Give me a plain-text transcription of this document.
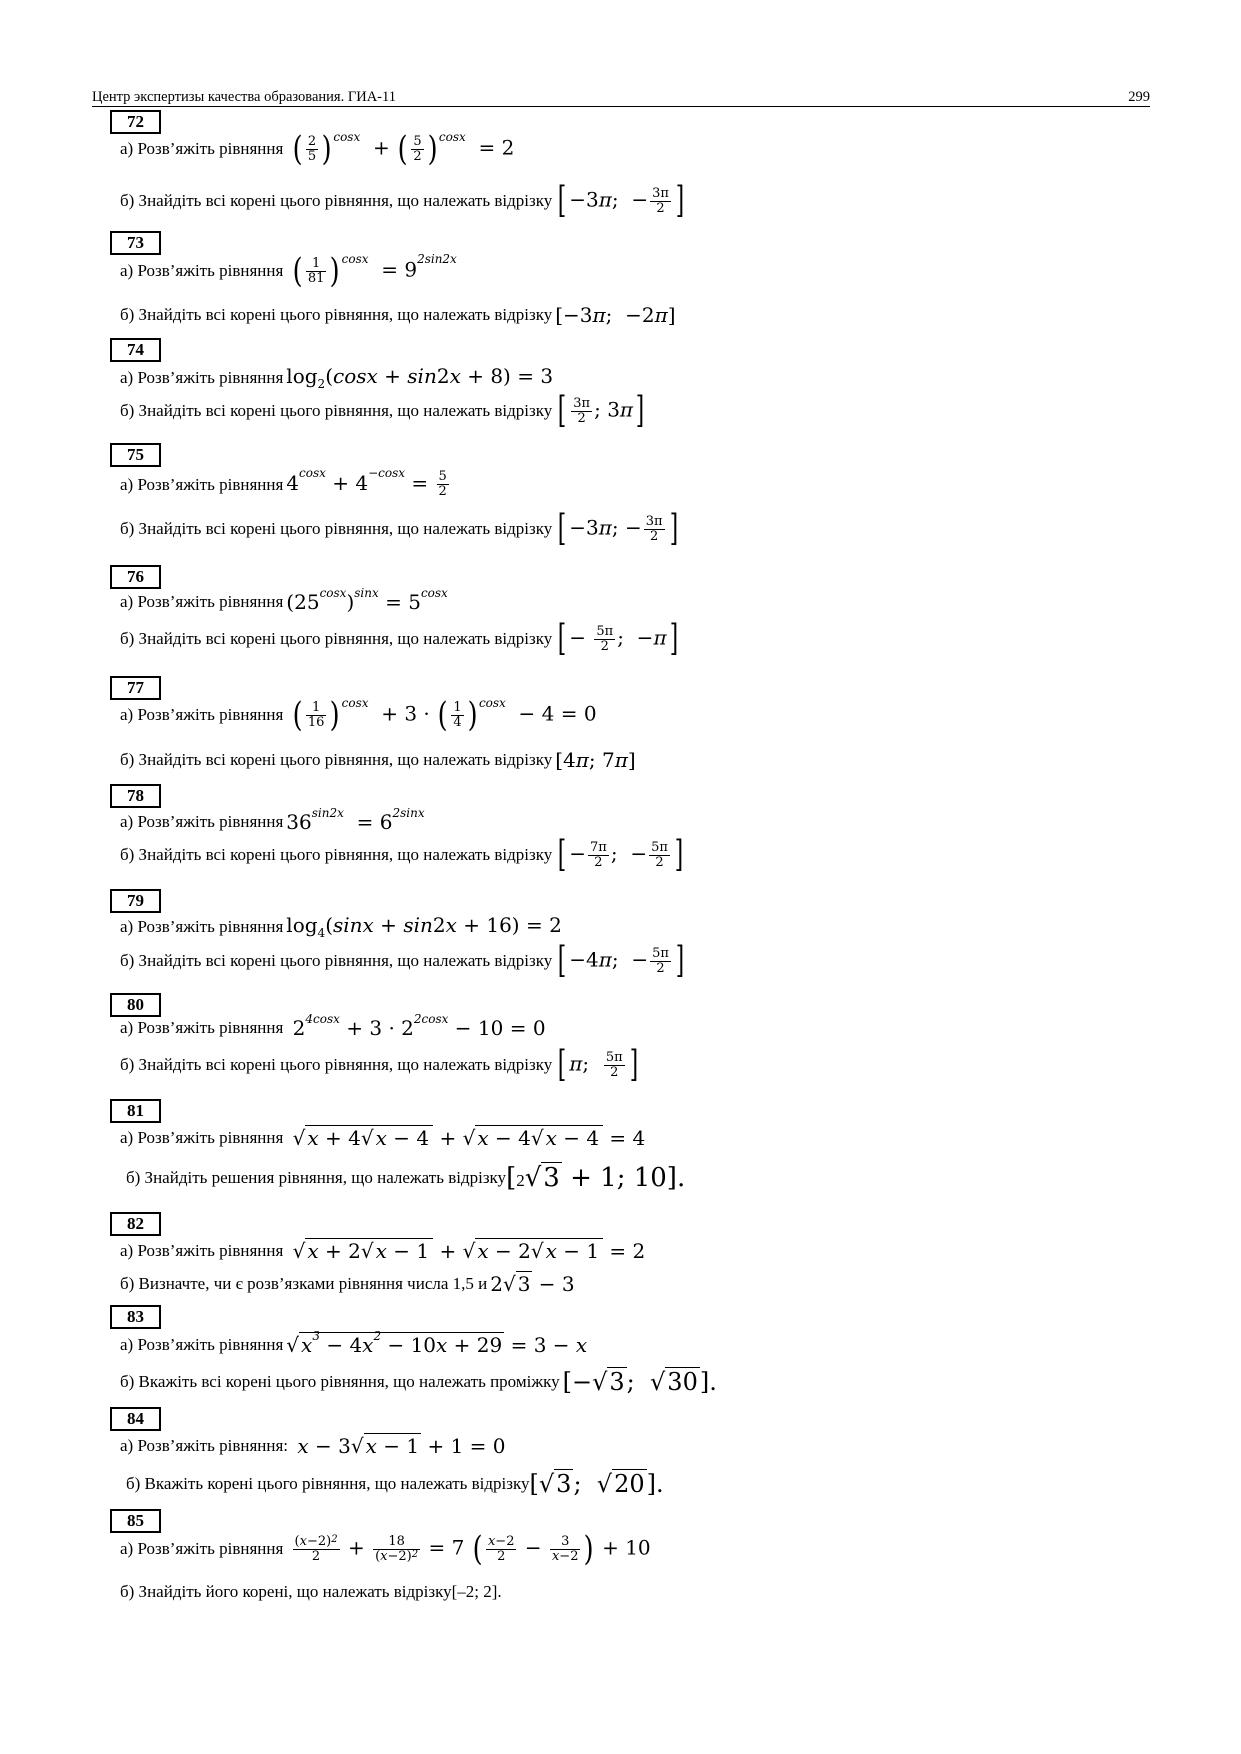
Центр экспертизы качества образования. ГИА-11	299
72
а) Розв’яжіть рівняння ( $\frac{2}{5}$ ) $^{cosx}$  + ( $\frac{5}{2}$ ) $^{cosx}$  = 2
б) Знайдіть всі корені цього рівняння, що належать відрізку [ −3π;  − $\frac{3\pi}{2}$ ]
73
а) Розв’яжіть рівняння ( $\frac{1}{81}$ ) $^{cosx} = 9^{2sin2x}$
б) Знайдіть всі корені цього рівняння, що належать відрізку [−3π;  −2π]
74
а) Розв’яжіть рівняння $\log_2(\cos x + \sin 2x + 8) = 3$
б) Знайдіть всі корені цього рівняння, що належать відрізку [ $\frac{3\pi}{2}$ ; 3π]
75
а) Розв’яжіть рівняння $4^{cosx} + 4^{-cosx} = \frac{5}{2}$
б) Знайдіть всі корені цього рівняння, що належать відрізку [ −3π; − $\frac{3\pi}{2}$ ]
76
а) Розв’яжіть рівняння $(25^{cosx})^{sinx} = 5^{cosx}$
б) Знайдіть всі корені цього рівняння, що належать відрізку [ − $\frac{5\pi}{2}$ ;  −π]
77
а) Розв’яжіть рівняння ( $\frac{1}{16}$ ) $^{cosx}$  + 3 · ( $\frac{1}{4}$ ) $^{cosx}$  − 4 = 0
б) Знайдіть всі корені цього рівняння, що належать відрізку [4π; 7π]
78
а) Розв’яжіть рівняння $36^{sin2x} = 6^{2sinx}$
б) Знайдіть всі корені цього рівняння, що належать відрізку [ − $\frac{7\pi}{2}$ ;  − $\frac{5\pi}{2}$ ]
79
а) Розв’яжіть рівняння $\log_4(\sin x + \sin 2x + 16) = 2$
б) Знайдіть всі корені цього рівняння, що належать відрізку [ −4π;  − $\frac{5\pi}{2}$ ]
80
а) Розв’яжіть рівняння $2^{4cosx} + 3 \cdot 2^{2cosx} - 10 = 0$
б) Знайдіть всі корені цього рівняння, що належать відрізку [ π; $\frac{5\pi}{2}$ ]
81
а) Розв’яжіть рівняння √ x + 4√ x − 4 + √ x − 4√ x − 4 = 4
б) Знайдіть решения рівняння, що належать відрізку[2√3 + 1; 10].
82
а) Розв’яжіть рівняння √ x + 2√ x − 1 + √ x − 2√ x − 1 = 2
б) Визначте, чи є розв’язками рівняння числа 1,5 и 2√ 3 − 3
83
а) Розв’яжіть рівняння √ $x^3 - 4x^2 - 10x + 29 = 3 - x$
б) Вкажіть всі корені цього рівняння, що належать проміжку [−√3;  √30].
84
а) Розв’яжіть рівняння: x − 3√ x − 1 + 1 = 0
б) Вкажіть корені цього рівняння, що належать відрізку[√3;  √20].
85
а) Розв’яжіть рівняння $\frac{(x-2)^2}{2} + \frac{18}{(x-2)^2} = 7$ ( $\frac{x-2}{2} - \frac{3}{x-2}$ ) + 10
б) Знайдіть його корені, що належать відрізку[–2; 2].
